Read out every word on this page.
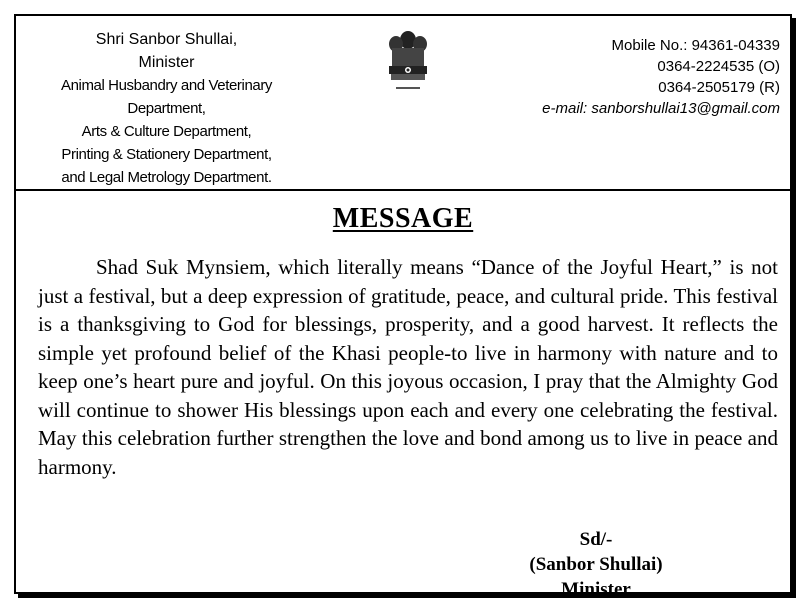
Shri Sanbor Shullai,
Minister
Animal Husbandry and Veterinary
Department,
Arts & Culture Department,
Printing & Stationery Department,
and Legal Metrology Department.
Mobile No.: 94361-04339
0364-2224535 (O)
0364-2505179 (R)
e-mail: sanborshullai13@gmail.com
MESSAGE

Shad Suk Mynsiem, which literally means “Dance of the Joyful Heart,” is not just a festival, but a deep expression of gratitude, peace, and cultural pride. This festival is a thanksgiving to God for blessings, prosperity, and a good harvest. It reflects the simple yet profound belief of the Khasi people-to live in harmony with nature and to keep one’s heart pure and joyful. On this joyous occasion, I pray that the Almighty God will continue to shower His blessings upon each and every one celebrating the festival. May this celebration further strengthen the love and bond among us to live in peace and harmony.

Sd/-
(Sanbor Shullai)
Minister
